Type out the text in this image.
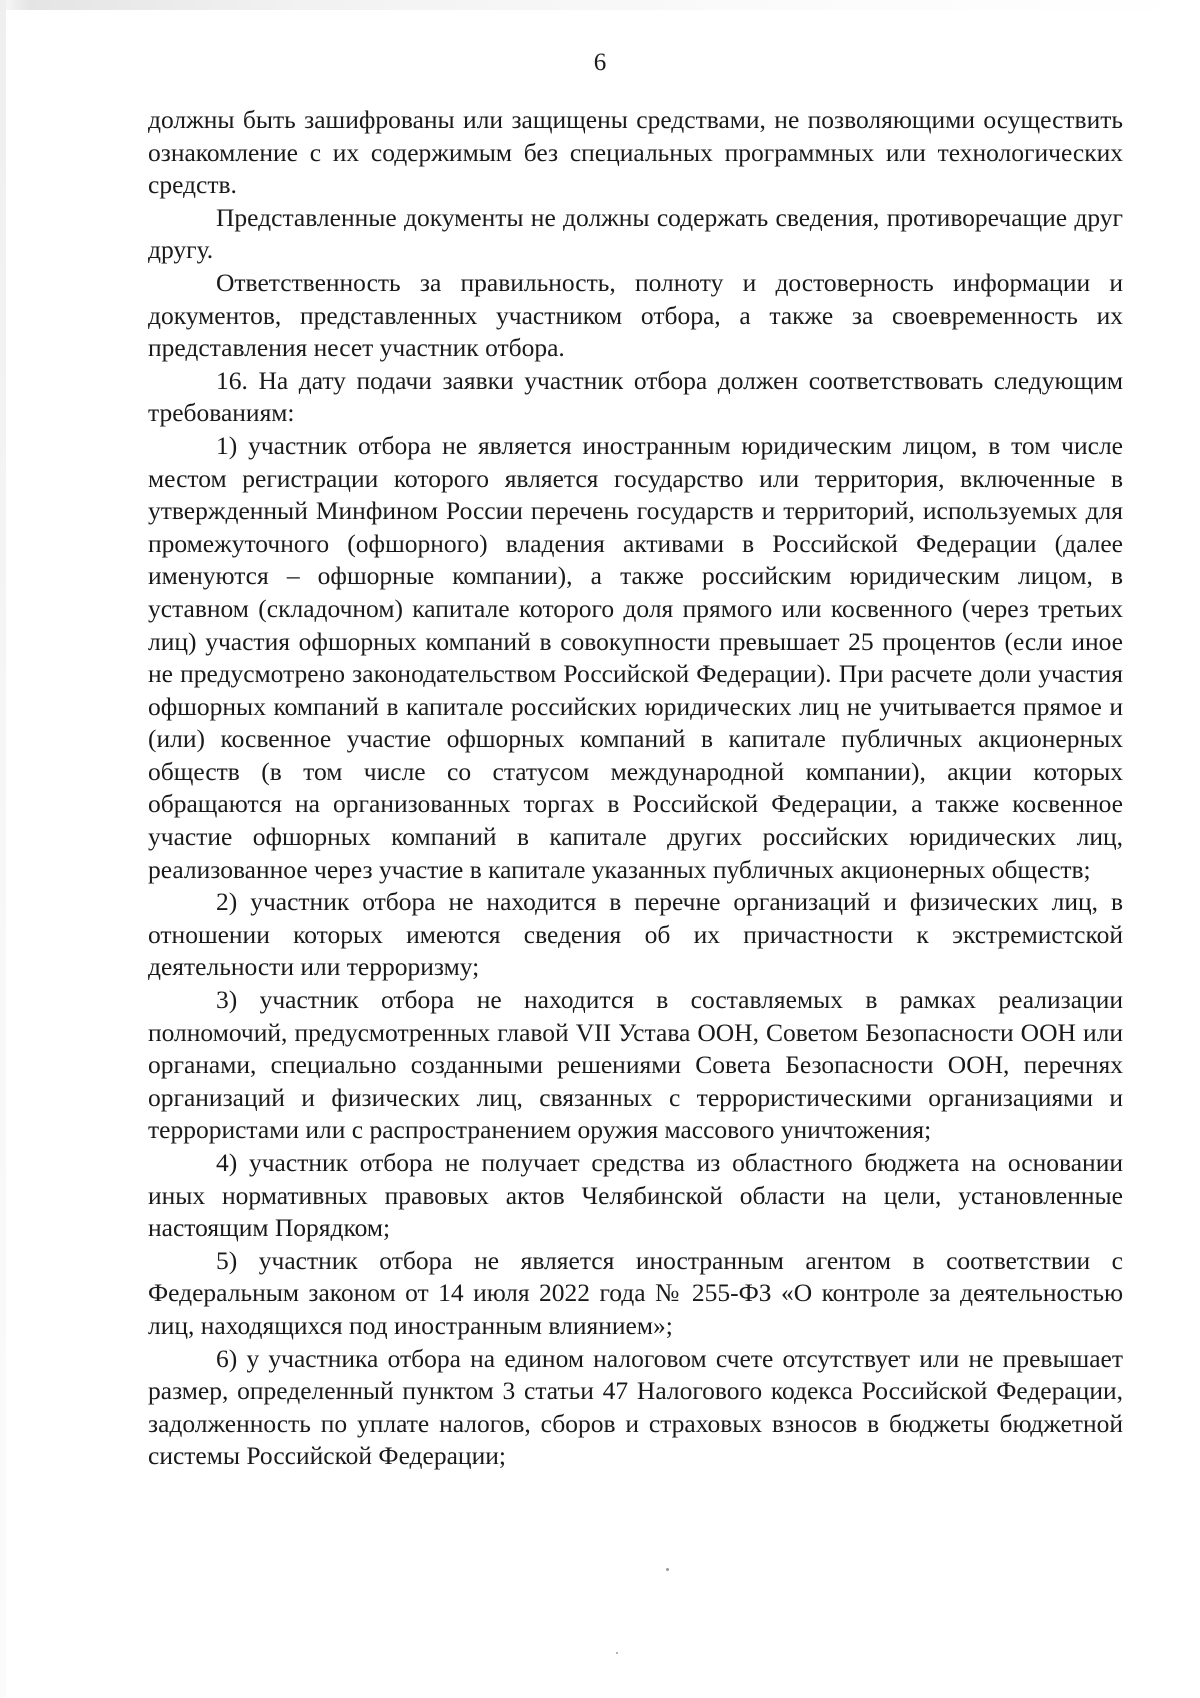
6

должны быть зашифрованы или защищены средствами, не позволяющими осуществить ознакомление с их содержимым без специальных программных или технологических средств.

Представленные документы не должны содержать сведения, противоречащие друг другу.

Ответственность за правильность, полноту и достоверность информации и документов, представленных участником отбора, а также за своевременность их представления несет участник отбора.

16. На дату подачи заявки участник отбора должен соответствовать следующим требованиям:

1) участник отбора не является иностранным юридическим лицом, в том числе местом регистрации которого является государство или территория, включенные в утвержденный Минфином России перечень государств и территорий, используемых для промежуточного (офшорного) владения активами в Российской Федерации (далее именуются – офшорные компании), а также российским юридическим лицом, в уставном (складочном) капитале которого доля прямого или косвенного (через третьих лиц) участия офшорных компаний в совокупности превышает 25 процентов (если иное не предусмотрено законодательством Российской Федерации). При расчете доли участия офшорных компаний в капитале российских юридических лиц не учитывается прямое и (или) косвенное участие офшорных компаний в капитале публичных акционерных обществ (в том числе со статусом международной компании), акции которых обращаются на организованных торгах в Российской Федерации, а также косвенное участие офшорных компаний в капитале других российских юридических лиц, реализованное через участие в капитале указанных публичных акционерных обществ;

2) участник отбора не находится в перечне организаций и физических лиц, в отношении которых имеются сведения об их причастности к экстремистской деятельности или терроризму;

3) участник отбора не находится в составляемых в рамках реализации полномочий, предусмотренных главой VII Устава ООН, Советом Безопасности ООН или органами, специально созданными решениями Совета Безопасности ООН, перечнях организаций и физических лиц, связанных с террористическими организациями и террористами или с распространением оружия массового уничтожения;

4) участник отбора не получает средства из областного бюджета на основании иных нормативных правовых актов Челябинской области на цели, установленные настоящим Порядком;

5) участник отбора не является иностранным агентом в соответствии с Федеральным законом от 14 июля 2022 года № 255-ФЗ «О контроле за деятельностью лиц, находящихся под иностранным влиянием»;

6) у участника отбора на едином налоговом счете отсутствует или не превышает размер, определенный пунктом 3 статьи 47 Налогового кодекса Российской Федерации, задолженность по уплате налогов, сборов и страховых взносов в бюджеты бюджетной системы Российской Федерации;
